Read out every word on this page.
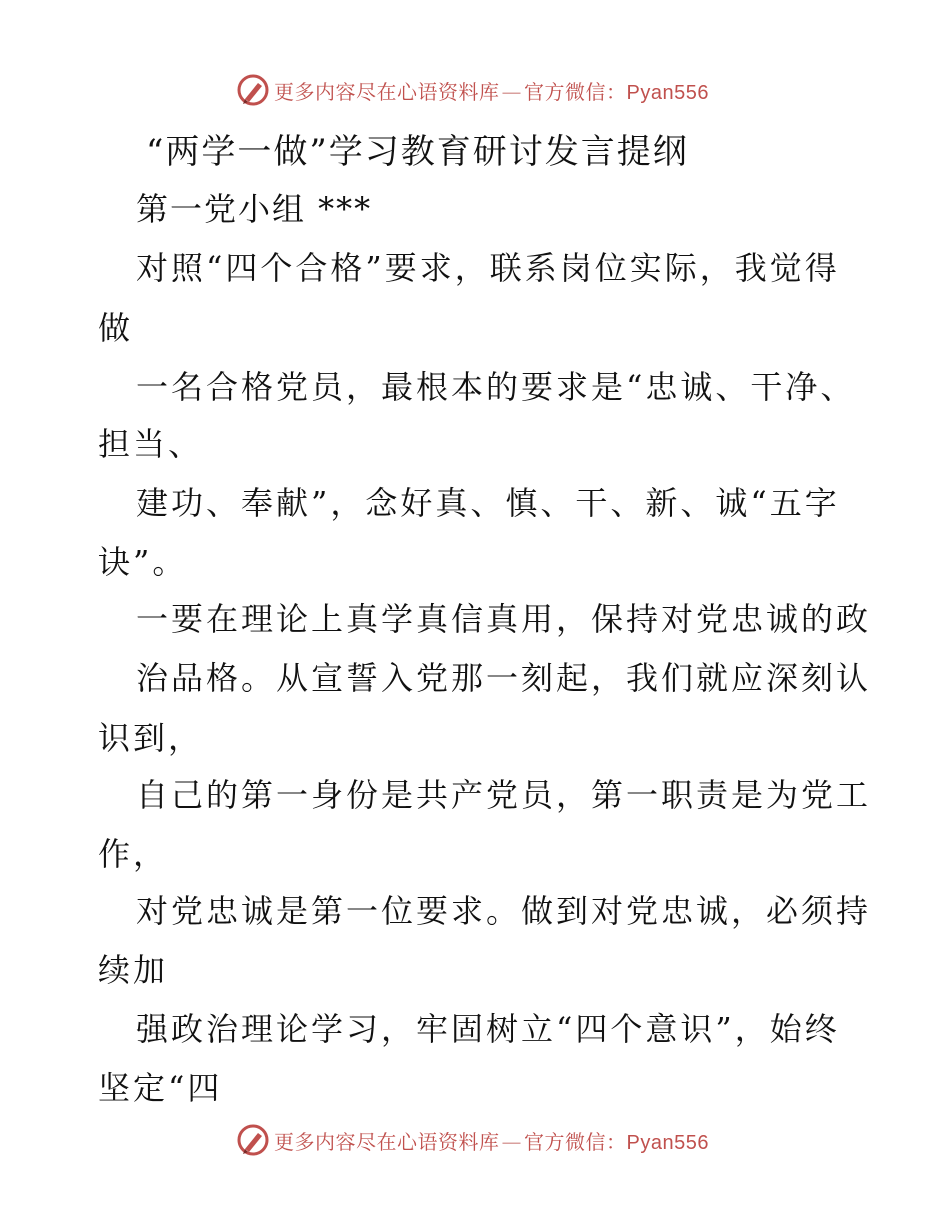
更多内容尽在心语资料库 — 官方微信：Pyan556
“两学一做”学习教育研讨发言提纲
第一党小组 ***
对照“四个合格”要求，联系岗位实际，我觉得
做
一名合格党员，最根本的要求是“忠诚、干净、
担当、
建功、奉献”，念好真、慎、干、新、诚“五字
诀”。
一要在理论上真学真信真用，保持对党忠诚的政
治品格。从宣誓入党那一刻起，我们就应深刻认
识到，
自己的第一身份是共产党员，第一职责是为党工
作，
对党忠诚是第一位要求。做到对党忠诚，必须持
续加
强政治理论学习，牢固树立“四个意识”，始终
坚定“四
更多内容尽在心语资料库 — 官方微信：Pyan556
